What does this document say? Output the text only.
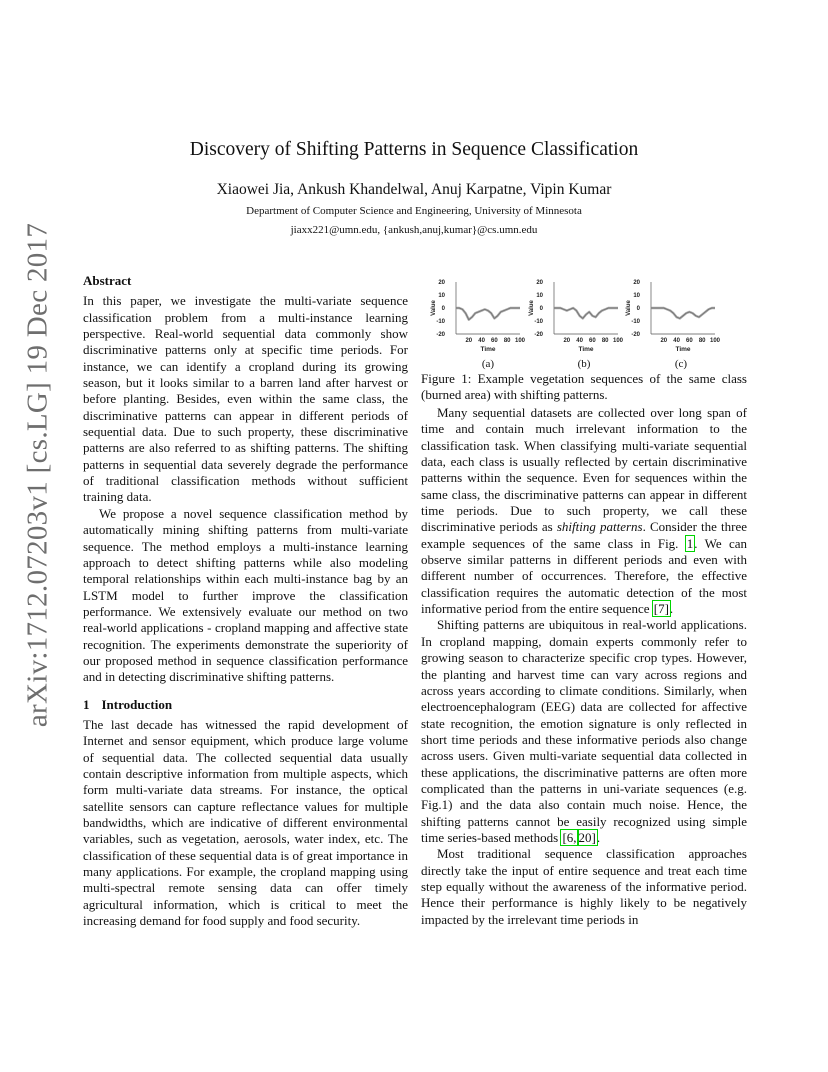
arXiv:1712.07203v1 [cs.LG] 19 Dec 2017
Discovery of Shifting Patterns in Sequence Classification
Xiaowei Jia, Ankush Khandelwal, Anuj Karpatne, Vipin Kumar
Department of Computer Science and Engineering, University of Minnesota
jiaxx221@umn.edu, {ankush,anuj,kumar}@cs.umn.edu
Abstract

In this paper, we investigate the multi-variate sequence classification problem from a multi-instance learning perspective. Real-world sequential data commonly show discriminative patterns only at specific time periods. For instance, we can identify a cropland during its growing season, but it looks similar to a barren land after harvest or before planting. Besides, even within the same class, the discriminative patterns can appear in different periods of sequential data. Due to such property, these discriminative patterns are also referred to as shifting patterns. The shifting patterns in sequential data severely degrade the performance of traditional classification methods without sufficient training data.

We propose a novel sequence classification method by automatically mining shifting patterns from multi-variate sequence. The method employs a multi-instance learning approach to detect shifting patterns while also modeling temporal relationships within each multi-instance bag by an LSTM model to further improve the classification performance. We extensively evaluate our method on two real-world applications - cropland mapping and affective state recognition. The experiments demonstrate the superiority of our proposed method in sequence classification performance and in detecting discriminative shifting patterns.

1 Introduction

The last decade has witnessed the rapid development of Internet and sensor equipment, which produce large volume of sequential data. The collected sequential data usually contain descriptive information from multiple aspects, which form multi-variate data streams. For instance, the optical satellite sensors can capture reflectance values for multiple bandwidths, which are indicative of different environmental variables, such as vegetation, aerosols, water index, etc. The classification of these sequential data is of great importance in many applications. For example, the cropland mapping using multi-spectral remote sensing data can offer timely agricultural information, which is critical to meet the increasing demand for food supply and food security.

20
10
0
-10
-20
20 40 60 80 100
Value
Time
20
10
0
-10
-20
20 40 60 80 100
Value
Time
20
10
0
-10
-20
20 40 60 80 100
Value
Time
(a)	(b)	(c)
Figure 1: Example vegetation sequences of the same class (burned area) with shifting patterns.

Many sequential datasets are collected over long span of time and contain much irrelevant information to the classification task. When classifying multi-variate sequential data, each class is usually reflected by certain discriminative patterns within the sequence. Even for sequences within the same class, the discriminative patterns can appear in different time periods. Due to such property, we call these discriminative periods as shifting patterns. Consider the three example sequences of the same class in Fig. 1. We can observe similar patterns in different periods and even with different number of occurrences. Therefore, the effective classification requires the automatic detection of the most informative period from the entire sequence [7].

Shifting patterns are ubiquitous in real-world applications. In cropland mapping, domain experts commonly refer to growing season to characterize specific crop types. However, the planting and harvest time can vary across regions and across years according to climate conditions. Similarly, when electroencephalogram (EEG) data are collected for affective state recognition, the emotion signature is only reflected in short time periods and these informative periods also change across users. Given multi-variate sequential data collected in these applications, the discriminative patterns are often more complicated than the patterns in uni-variate sequences (e.g. Fig.1) and the data also contain much noise. Hence, the shifting patterns cannot be easily recognized using simple time series-based methods [6, 20].

Most traditional sequence classification approaches directly take the input of entire sequence and treat each time step equally without the awareness of the informative period. Hence their performance is highly likely to be negatively impacted by the irrelevant time periods in
